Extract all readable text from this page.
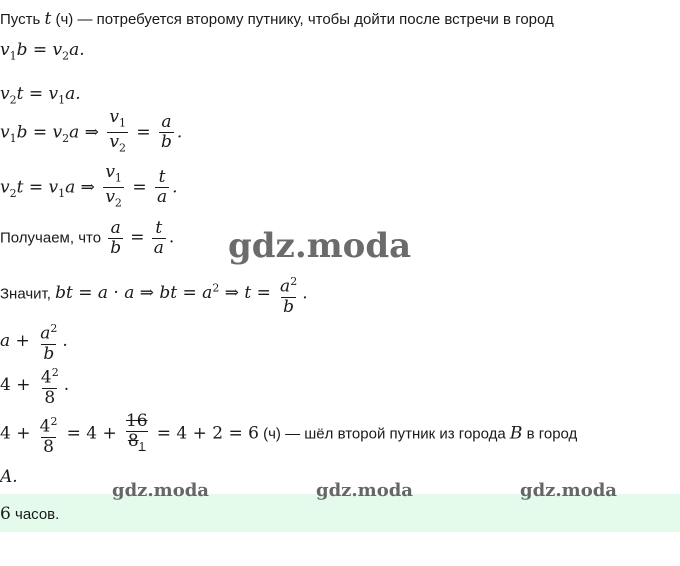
Пусть t (ч) — потребуется второму путнику, чтобы дойти после встречи в город
$v_1b = v_2a$.
$v_2t = v_1a$.
$v_1b = v_2a$ ⇒ $\frac{v_1}{v_2} = \frac{a}{b}$ .
$v_2t = v_1a$ ⇒ $\frac{v_1}{v_2} = \frac{t}{a}$ .
Получаем, что $\frac{a}{b} = \frac{t}{a}$ . gdz.moda
Значит, bt = a · a ⇒ bt = $a^2$ ⇒ $t = \frac{a^2}{b}$ .
$a + \frac{a^2}{b}$ .
$4 + \frac{4^2}{8}$ .
$4 + \frac{4^2}{8} = 4 + \frac{16}{8_1} = 4 + 2 = 6$ (ч) — шёл второй путник из города B в город
A.
6 часов.
gdz.moda	gdz.moda	gdz.moda
